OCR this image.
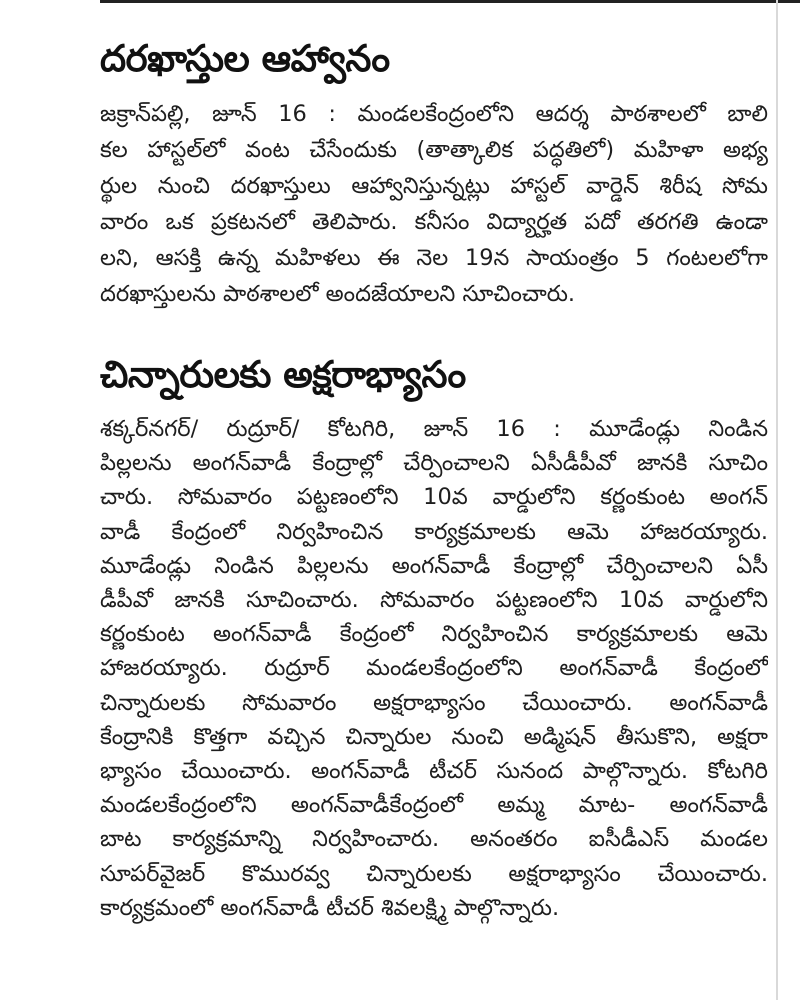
దరఖాస్తుల ఆహ్వానం
జక్రాన్‌పల్లి, జూన్ 16 : మండలకేంద్రంలోని ఆదర్శ పాఠశాలలో బాలి
కల హాస్టల్‌లో వంట చేసేందుకు (తాత్కాలిక పద్ధతిలో) మహిళా అభ్య
ర్థుల నుంచి దరఖాస్తులు ఆహ్వానిస్తున్నట్లు హాస్టల్ వార్డెన్ శిరీష సోమ
వారం ఒక ప్రకటనలో తెలిపారు. కనీసం విద్యార్హత పదో తరగతి ఉండా
లని, ఆసక్తి ఉన్న మహిళలు ఈ నెల 19న సాయంత్రం 5 గంటలలోగా
దరఖాస్తులను పాఠశాలలో అందజేయాలని సూచించారు.
చిన్నారులకు అక్షరాభ్యాసం
శక్కర్‌నగర్/ రుద్రూర్/ కోటగిరి, జూన్ 16 : మూడేండ్లు నిండిన
పిల్లలను అంగన్‌వాడీ కేంద్రాల్లో చేర్పించాలని ఏసీడీపీవో జానకి సూచిం
చారు. సోమవారం పట్టణంలోని 10వ వార్డులోని కర్ణంకుంట అంగన్
వాడీ కేంద్రంలో నిర్వహించిన కార్యక్రమాలకు ఆమె హాజరయ్యారు.
మూడేండ్లు నిండిన పిల్లలను అంగన్‌వాడీ కేంద్రాల్లో చేర్పించాలని ఏసీ
డీపీవో జానకి సూచించారు. సోమవారం పట్టణంలోని 10వ వార్డులోని
కర్ణంకుంట అంగన్‌వాడీ కేంద్రంలో నిర్వహించిన కార్యక్రమాలకు ఆమె
హాజరయ్యారు. రుద్రూర్ మండలకేంద్రంలోని అంగన్‌వాడీ కేంద్రంలో
చిన్నారులకు సోమవారం అక్షరాభ్యాసం చేయించారు. అంగన్‌వాడీ
కేంద్రానికి కొత్తగా వచ్చిన చిన్నారుల నుంచి అడ్మిషన్ తీసుకొని, అక్షరా
భ్యాసం చేయించారు. అంగన్‌వాడీ టీచర్ సునంద పాల్గొన్నారు. కోటగిరి
మండలకేంద్రంలోని అంగన్‌వాడీకేంద్రంలో అమ్మ మాట- అంగన్‌వాడీ
బాట కార్యక్రమాన్ని నిర్వహించారు. అనంతరం ఐసీడీఎస్ మండల
సూపర్‌వైజర్ కొమురవ్వ చిన్నారులకు అక్షరాభ్యాసం చేయించారు.
కార్యక్రమంలో అంగన్‌వాడీ టీచర్ శివలక్ష్మి పాల్గొన్నారు.
